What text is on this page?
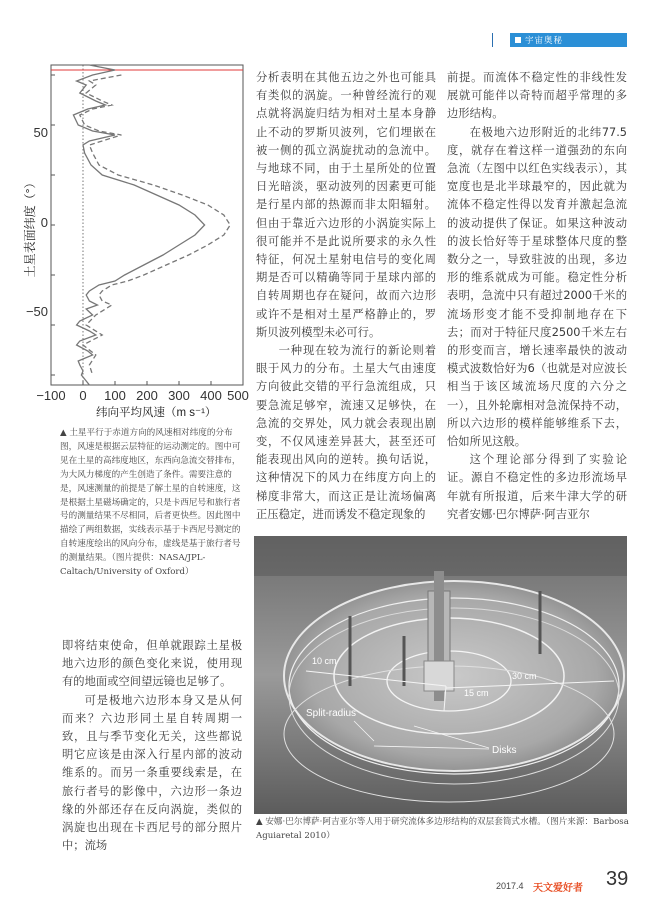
宇宙奥秘
50
0
−50
−100 0 100 200 300 400 500
土星表面纬度（°）
纬向平均风速（m s⁻¹）
▲ 土星平行于赤道方向的风速相对纬度的分布图，风速是根据云层特征的运动测定的。图中可见在土星的高纬度地区，东西向急流交替排布，为大风力梯度的产生创造了条件。需要注意的是，风速测量的前提是了解土星的自转速度，这是根据土星磁场确定的，只是卡西尼号和旅行者号的测量结果不尽相同，后者更快些。因此图中描绘了两组数据，实线表示基于卡西尼号测定的自转速度绘出的风向分布，虚线是基于旅行者号的测量结果。（图片提供：NASA/JPL-Caltach/University of Oxford）

即将结束使命，但单就跟踪土星极地六边形的颜色变化来说，使用现有的地面或空间望远镜也足够了。

可是极地六边形本身又是从何而来？六边形同土星自转周期一致，且与季节变化无关，这些都说明它应该是由深入行星内部的波动维系的。而另一条重要线索是，在旅行者号的影像中，六边形一条边缘的外部还存在反向涡旋，类似的涡旋也出现在卡西尼号的部分照片中；流场

分析表明在其他五边之外也可能具有类似的涡旋。一种曾经流行的观点就将涡旋归结为相对土星本身静止不动的罗斯贝波列，它们埋嵌在被一侧的孤立涡旋扰动的急流中。与地球不同，由于土星所处的位置日光暗淡，驱动波列的因素更可能是行星内部的热源而非太阳辐射。但由于靠近六边形的小涡旋实际上很可能并不是此说所要求的永久性特征，何况土星射电信号的变化周期是否可以精确等同于星球内部的自转周期也存在疑问，故而六边形或许不是相对土星严格静止的，罗斯贝波列模型未必可行。

一种现在较为流行的新论则着眼于风力的分布。土星大气由速度方向彼此交错的平行急流组成，只要急流足够窄，流速又足够快，在急流的交界处，风力就会表现出剧变，不仅风速差异甚大，甚至还可能表现出风向的逆转。换句话说，这种情况下的风力在纬度方向上的梯度非常大，而这正是让流场偏离正压稳定，进而诱发不稳定现象的

前提。而流体不稳定性的非线性发展就可能伴以奇特而超乎常理的多边形结构。

在极地六边形附近的北纬77.5度，就存在着这样一道强劲的东向急流（左图中以红色实线表示），其宽度也是北半球最窄的，因此就为流体不稳定性得以发育并激起急流的波动提供了保证。如果这种波动的波长恰好等于星球整体尺度的整数分之一，导致驻波的出现，多边形的维系就成为可能。稳定性分析表明，急流中只有超过2000千米的流场形变才能不受抑制地存在下去；而对于特征尺度2500千米左右的形变而言，增长速率最快的波动模式波数恰好为6（也就是对应波长相当于该区域流场尺度的六分之一），且外轮廓相对急流保持不动，所以六边形的模样能够维系下去，恰如所见这般。

这个理论部分得到了实验论证。源自不稳定性的多边形流场早年就有所报道，后来牛津大学的研究者安娜·巴尔博萨·阿吉亚尔

10 cm
30 cm
15 cm
Split-radius
Disks
▲ 安娜·巴尔博萨·阿吉亚尔等人用于研究流体多边形结构的双层套筒式水槽。（图片来源：Barbosa Aguiaretal 2010）
2017.4 天文爱好者 39
